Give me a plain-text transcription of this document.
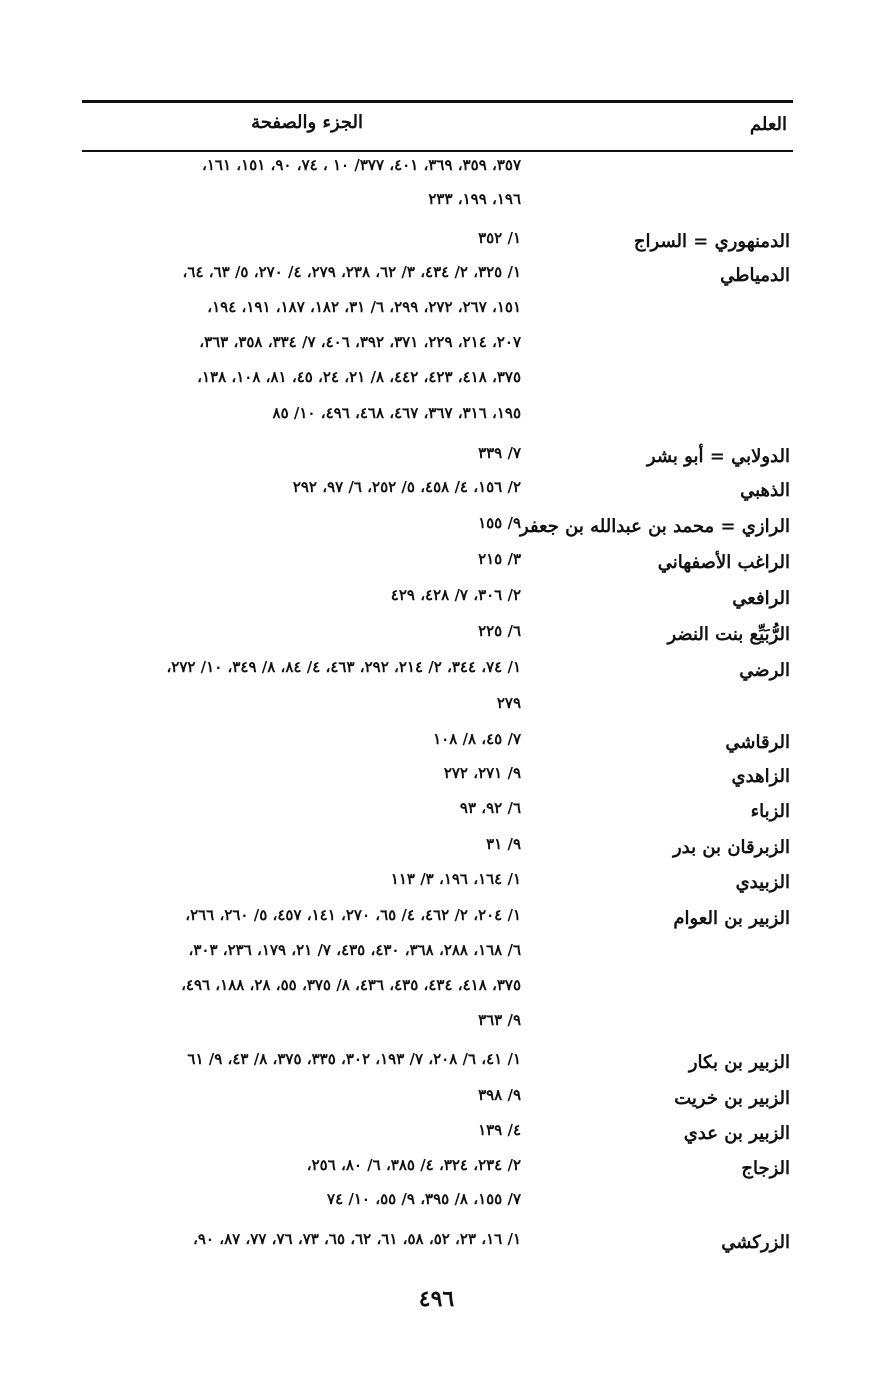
العلم
الجزء والصفحة
٣٥٧، ٣٥٩، ٣٦٩، ٤٠١، ٣٧٧/ ١٠ ، ٧٤، ٩٠، ١٥١، ١٦١،
١٩٦، ١٩٩، ٢٣٣
الدمنهوري = السراج
١/ ٣٥٢
الدمياطي
١/ ٣٢٥، ٢/ ٤٣٤، ٣/ ٦٢، ٢٣٨، ٢٧٩، ٤/ ٢٧٠، ٥/ ٦٣، ٦٤،
١٥١، ٢٦٧، ٢٧٢، ٢٩٩، ٦/ ٣١، ١٨٢، ١٨٧، ١٩١، ١٩٤،
٢٠٧، ٢١٤، ٢٢٩، ٣٧١، ٣٩٢، ٤٠٦، ٧/ ٣٣٤، ٣٥٨، ٣٦٣،
٣٧٥، ٤١٨، ٤٢٣، ٤٤٢، ٨/ ٢١، ٢٤، ٤٥، ٨١، ١٠٨، ١٣٨،
١٩٥، ٣١٦، ٣٦٧، ٤٦٧، ٤٦٨، ٤٩٦، ١٠/ ٨٥
الدولابي = أبو بشر
٧/ ٣٣٩
الذهبي
٢/ ١٥٦، ٤/ ٤٥٨، ٥/ ٢٥٢، ٦/ ٩٧، ٢٩٢
الرازي = محمد بن عبدالله بن جعفر
٩/ ١٥٥
الراغب الأصفهاني
٣/ ٢١٥
الرافعي
٢/ ٣٠٦، ٧/ ٤٢٨، ٤٢٩
الرُّبَيِّع بنت النضر
٦/ ٢٢٥
الرضي
١/ ٧٤، ٣٤٤، ٢/ ٢١٤، ٢٩٢، ٤٦٣، ٤/ ٨٤، ٨/ ٣٤٩، ١٠/ ٢٧٢،
٢٧٩
الرقاشي
٧/ ٤٥، ٨/ ١٠٨
الزاهدي
٩/ ٢٧١، ٢٧٢
الزباء
٦/ ٩٢، ٩٣
الزبرقان بن بدر
٩/ ٣١
الزبيدي
١/ ١٦٤، ١٩٦، ٣/ ١١٣
الزبير بن العوام
١/ ٢٠٤، ٢/ ٤٦٢، ٤/ ٦٥، ٢٧٠، ١٤١، ٤٥٧، ٥/ ٢٦٠، ٢٦٦،
٦/ ١٦٨، ٢٨٨، ٣٦٨، ٤٣٠، ٤٣٥، ٧/ ٢١، ١٧٩، ٢٣٦، ٣٠٣،
٣٧٥، ٤١٨، ٤٣٤، ٤٣٥، ٤٣٦، ٨/ ٣٧٥، ٥٥، ٢٨، ١٨٨، ٤٩٦،
٩/ ٣٦٣
الزبير بن بكار
١/ ٤١، ٦/ ٢٠٨، ٧/ ١٩٣، ٣٠٢، ٣٣٥، ٣٧٥، ٨/ ٤٣، ٩/ ٦١
الزبير بن خريت
٩/ ٣٩٨
الزبير بن عدي
٤/ ١٣٩
الزجاج
٢/ ٢٣٤، ٣٢٤، ٤/ ٣٨٥، ٦/ ٨٠، ٢٥٦،
٧/ ١٥٥، ٨/ ٣٩٥، ٩/ ٥٥، ١٠/ ٧٤
الزركشي
١/ ١٦، ٢٣، ٥٢، ٥٨، ٦١، ٦٢، ٦٥، ٧٣، ٧٦، ٧٧، ٨٧، ٩٠،
٤٩٦
